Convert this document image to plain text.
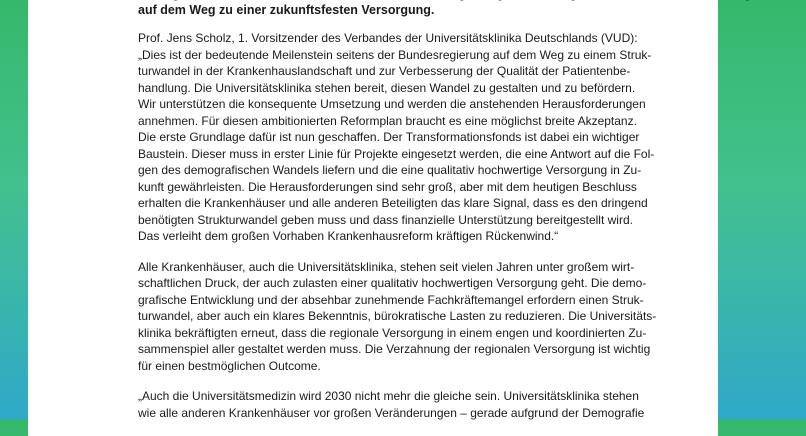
auf dem Weg zu einer zukunftsfesten Versorgung.
Prof. Jens Scholz, 1. Vorsitzender des Verbandes der Universitätsklinika Deutschlands (VUD):
„Dies ist der bedeutende Meilenstein seitens der Bundesregierung auf dem Weg zu einem Struk-
turwandel in der Krankenhauslandschaft und zur Verbesserung der Qualität der Patientenbe-
handlung. Die Universitätsklinika stehen bereit, diesen Wandel zu gestalten und zu befördern.
Wir unterstützen die konsequente Umsetzung und werden die anstehenden Herausforderungen
annehmen. Für diesen ambitionierten Reformplan braucht es eine möglichst breite Akzeptanz.
Die erste Grundlage dafür ist nun geschaffen. Der Transformationsfonds ist dabei ein wichtiger
Baustein. Dieser muss in erster Linie für Projekte eingesetzt werden, die eine Antwort auf die Fol-
gen des demografischen Wandels liefern und die eine qualitativ hochwertige Versorgung in Zu-
kunft gewährleisten. Die Herausforderungen sind sehr groß, aber mit dem heutigen Beschluss
erhalten die Krankenhäuser und alle anderen Beteiligten das klare Signal, dass es den dringend
benötigten Strukturwandel geben muss und dass finanzielle Unterstützung bereitgestellt wird.
Das verleiht dem großen Vorhaben Krankenhausreform kräftigen Rückenwind.“
Alle Krankenhäuser, auch die Universitätsklinika, stehen seit vielen Jahren unter großem wirt-
schaftlichen Druck, der auch zulasten einer qualitativ hochwertigen Versorgung geht. Die demo-
grafische Entwicklung und der absehbar zunehmende Fachkräftemangel erfordern einen Struk-
turwandel, aber auch ein klares Bekenntnis, bürokratische Lasten zu reduzieren. Die Universitäts-
klinika bekräftigten erneut, dass die regionale Versorgung in einem engen und koordinierten Zu-
sammenspiel aller gestaltet werden muss. Die Verzahnung der regionalen Versorgung ist wichtig
für einen bestmöglichen Outcome.
„Auch die Universitätsmedizin wird 2030 nicht mehr die gleiche sein. Universitätsklinika stehen
wie alle anderen Krankenhäuser vor großen Veränderungen – gerade aufgrund der Demografie
